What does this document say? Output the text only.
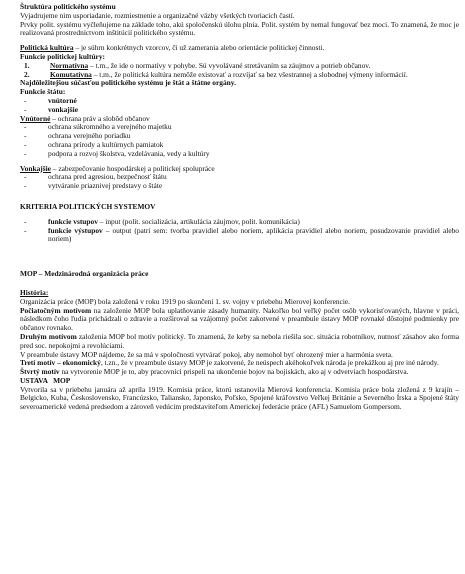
Štruktúra politického systému

Vyjadrujeme nim usporiadanie, rozmiestnenie a organizačné väzby všetkých tvoriacich častí.

Prvky polit. systému vyčleňujeme na základe toho, akú spoločenskú úlohu plnia. Polit. systém by nemal fungovať bez moci. To znamená, že moc je realizovaná prostredníctvom inštitúcií politického systému.

Politická kultúra – je súhrn konkrétnych vzorcov, či už zamerania alebo orientácie politickej činnosti.

Funkcie politickej kultúry:

1.	Normatívna – t.m., že ide o normatívy v pohybe. Sú vyvolávané stretávaním sa záujmov a potrieb občanov.
2.	Komutatívna – t.m., že politická kultúra nemôže existovať a rozvíjať sa bez všestrannej a slobodnej výmeny informácií.

Najdôležitejšou súčasťou politického systému je štát a štátne orgány.

Funkcie štátu:

-	vnútorné
-	vonkajšie

Vnútorné – ochrana práv a slobôd občanov

-	ochrana súkromného a verejného majetku
-	ochrana verejného poriadku
-	ochrana prírody a kultúrnych pamiatok
-	podpora a rozvoj školstva, vzdelávania, vedy a kultúry

Vonkajšie – zabezpečovanie hospodárskej a politickej spolupráce

-	ochrana pred agresiou, bezpečnosť štátu
-	vytváranie priaznivej predstavy o štáte

KRITERIA POLITICKÝCH SYSTEMOV

-	funkcie vstupov – input (polit. socializácia, artikulácia záujmov, polit. komunikácia)
-	funkcie výstupov – output (patri sem: tvorba pravidiel alebo noriem, aplikácia pravidiel alebo noriem, posudzovanie pravidiel alebo noriem)

MOP – Medzinárodná organizácia práce

História:

Organizácia práce (MOP) bola založená v roku 1919 po skončení 1. sv. vojny v priebehu Mierovej konferencie.

Počiatočným motívom na založenie MOP bola uplatňovanie zásady humanity. Nakoľko bol veľký počet osôb vykorisťovaných, hlavne v práci, následkom čoho ľudia prichádzali o zdravie a rozširoval sa vzájomný počet zakotvené v preambule ústavy MOP rovnaké dôstojné podmienky pre občanov rovnako.

Druhým motívom založenia MOP bol motív politický. To znamená, že keby sa nebola riešila soc. situácia robotníkov, nutnosť zásahov ako forma pred soc. nepokojmi a revolúciami.

V preambule ústavy MOP nájdeme, že sa má v spoločnosti vytvárať pokoj, aby nemohol byť ohrozený mier a harmónia sveta.

Tretí motív – ekonomický, t.zn., že v preambule ústavy MOP je zakotvené, že neúspech akéhokoľvek národa je prekážkou aj pre iné národy.

Štvrtý motív na vytvorenie MOP je to, aby pracovníci prispeli na ukončenie bojov na bojiskách, ako aj v odvetviach hospodárstva.

USTAVA   MOP

Vytvorila sa v priebehu januára až apríla 1919. Komisia práce, ktorú ustanovila Mierová konferencia. Komisia práce bola zložená z 9 krajín – Belgicko, Kuba, Československo, Francúzsko, Taliansko, Japonsko, Poľsko, Spojené kráľovstvo Veľkej Británie a Severného Írska a Spojené štáty severoamerické vedená predsedom a zároveň vedúcim predstaviteľom Americkej federácie práce (AFL) Samuelom Gompersom.
